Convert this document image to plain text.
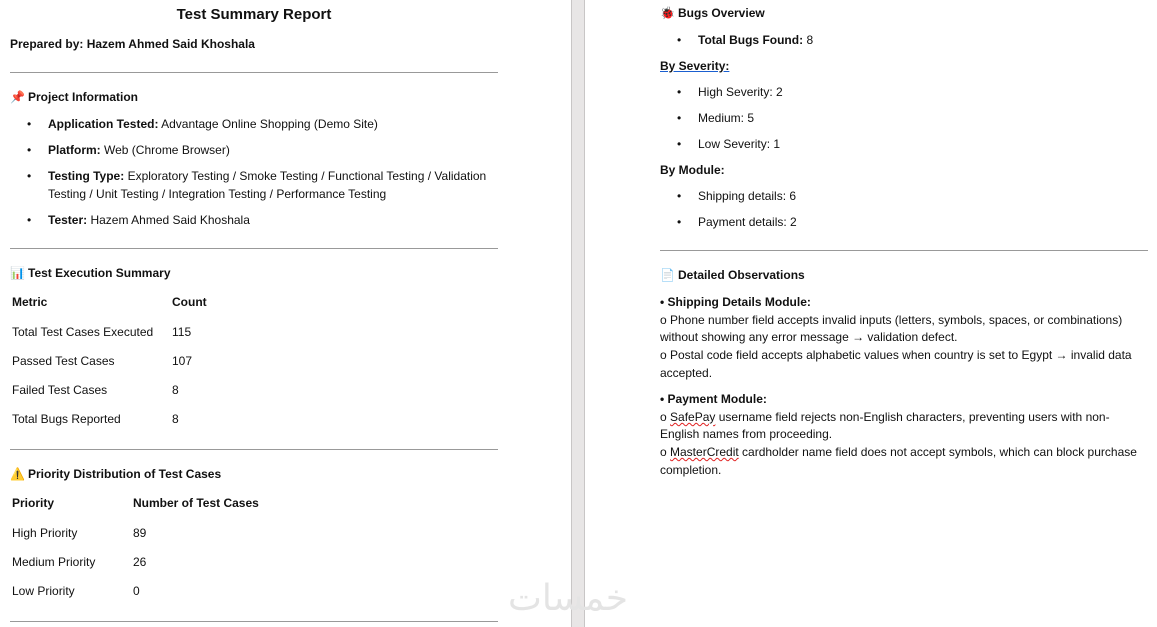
Test Summary Report
Prepared by: Hazem Ahmed Said Khoshala
📌 Project Information
• Application Tested: Advantage Online Shopping (Demo Site)
• Platform: Web (Chrome Browser)
• Testing Type: Exploratory Testing / Smoke Testing / Functional Testing / Validation
Testing / Unit Testing / Integration Testing / Performance Testing
• Tester: Hazem Ahmed Said Khoshala
📊 Test Execution Summary
Metric	Count
Total Test Cases Executed 115
Passed Test Cases	107
Failed Test Cases	8
Total Bugs Reported	8
⚠️ Priority Distribution of Test Cases
Priority	Number of Test Cases
High Priority	89
Medium Priority	26
Low Priority	0
🐞 Bugs Overview
• Total Bugs Found: 8
By Severity:
• High Severity: 2
• Medium: 5
• Low Severity: 1
By Module:
• Shipping details: 6
• Payment details: 2
📄 Detailed Observations
• Shipping Details Module:
o Phone number field accepts invalid inputs (letters, symbols, spaces, or combinations)
without showing any error message → validation defect.
o Postal code field accepts alphabetic values when country is set to Egypt → invalid data
accepted.
• Payment Module:
o SafePay username field rejects non-English characters, preventing users with non-
English names from proceeding.
o MasterCredit cardholder name field does not accept symbols, which can block purchase
completion.
خمسات
